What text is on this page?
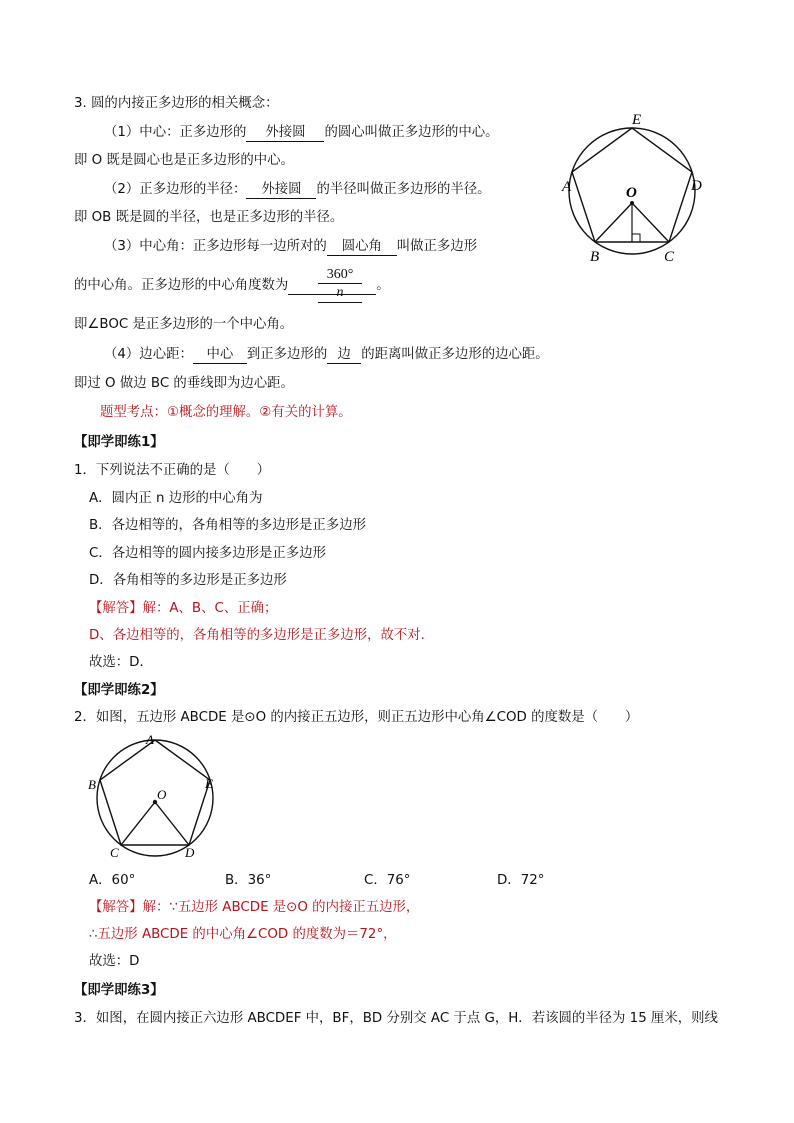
3. 圆的内接正多边形的相关概念：
（1）中心：正多边形的 外接圆 的圆心叫做正多边形的中心。
即 O 既是圆心也是正多边形的中心。
（2）正多边形的半径： 外接圆 的半径叫做正多边形的半径。
即 OB 既是圆的半径，也是正多边形的半径。
（3）中心角：正多边形每一边所对的 圆心角 叫做正多边形
的中心角。正多边形的中心角度数为	。
$\frac{360^\circ}{n}$
即∠BOC 是正多边形的一个中心角。
（4）边心距： 中心 到正多边形的 边 的距离叫做正多边形的边心距。
即过 O 做边 BC 的垂线即为边心距。
题型考点：①概念的理解。②有关的计算。
E
A	O	D
B	C
【即学即练1】
1．下列说法不正确的是（　　）
A．圆内正 n 边形的中心角为
B．各边相等的，各角相等的多边形是正多边形
C．各边相等的圆内接多边形是正多边形
D．各角相等的多边形是正多边形
【解答】解：A、B、C、正确；
D、各边相等的，各角相等的多边形是正多边形，故不对．
故选：D．
【即学即练2】
2．如图，五边形 ABCDE 是⊙O 的内接正五边形，则正五边形中心角∠COD 的度数是（　　）
A
B	E
O
C	D
A．60°	B．36°	C．76°	D．72°
【解答】解：∵五边形 ABCDE 是⊙O 的内接正五边形，
∴五边形 ABCDE 的中心角∠COD 的度数为＝72°，
故选：D
【即学即练3】
3．如图，在圆内接正六边形 ABCDEF 中，BF，BD 分别交 AC 于点 G，H．若该圆的半径为 15 厘米，则线
